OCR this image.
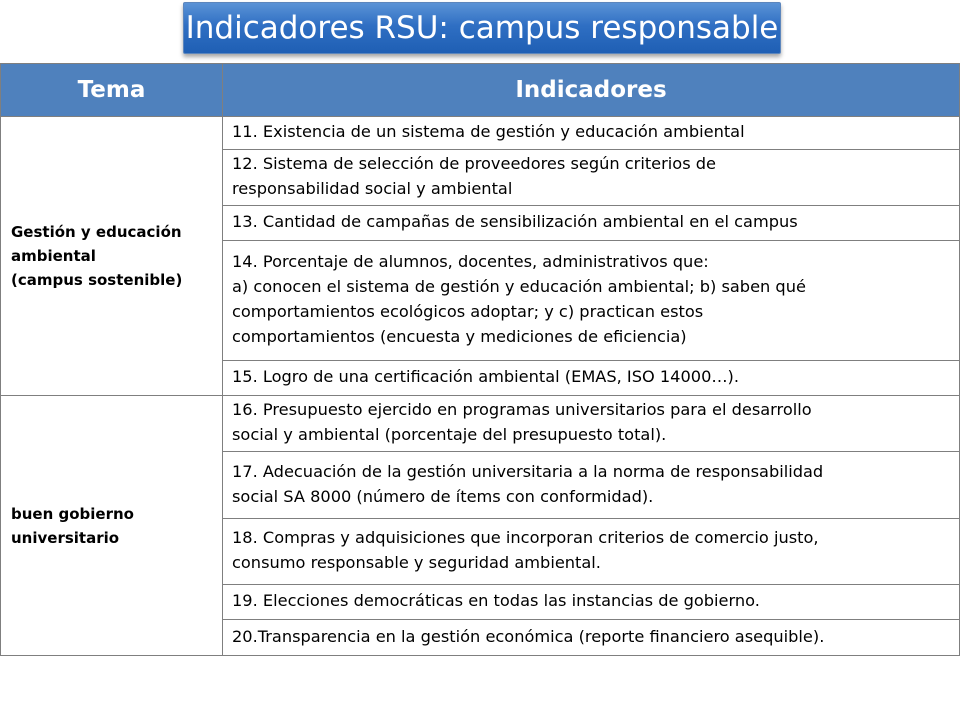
Indicadores RSU: campus responsable
Tema	Indicadores

Gestión y educación
ambiental
(campus sostenible)	11. Existencia de un sistema de gestión y educación ambiental

	12. Sistema de selección de proveedores según criterios de
responsabilidad social y ambiental

	13. Cantidad de campañas de sensibilización ambiental en el campus

	14. Porcentaje de alumnos, docentes, administrativos que:
a) conocen el sistema de gestión y educación ambiental; b) saben qué
comportamientos ecológicos adoptar; y c) practican estos
comportamientos (encuesta y mediciones de eficiencia)

	15. Logro de una certificación ambiental (EMAS, ISO 14000…).

buen gobierno
universitario	16. Presupuesto ejercido en programas universitarios para el desarrollo
social y ambiental (porcentaje del presupuesto total).

	17. Adecuación de la gestión universitaria a la norma de responsabilidad
social SA 8000 (número de ítems con conformidad).

	18. Compras y adquisiciones que incorporan criterios de comercio justo,
consumo responsable y seguridad ambiental.

	19. Elecciones democráticas en todas las instancias de gobierno.

	20.Transparencia en la gestión económica (reporte financiero asequible).
